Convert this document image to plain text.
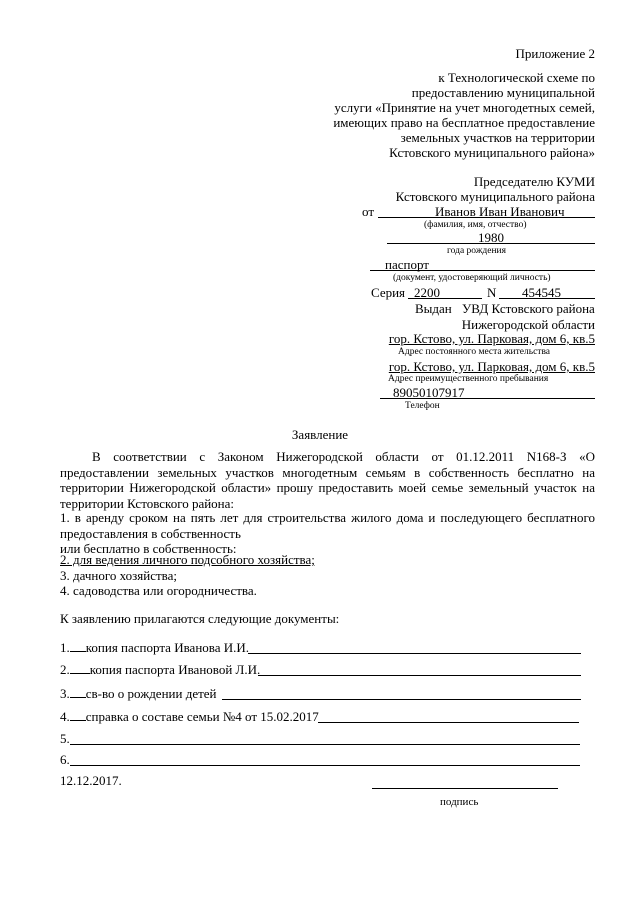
Приложение 2
к Технологической схеме по
предоставлению муниципальной
услуги «Принятие на учет многодетных семей,
имеющих право на бесплатное предоставление
земельных участков на территории
Кстовского муниципального района»
Председателю КУМИ
Кстовского муниципального района
от	Иванов Иван Иванович
(фамилия, имя, отчество)
1980
года рождения
паспорт
(документ, удостоверяющий личность)
Серия 2200	N 454545
Выдан УВД Кстовского района
Нижегородской области
гор. Кстово, ул. Парковая, дом 6, кв.5
Адрес постоянного места жительства
гор. Кстово, ул. Парковая, дом 6, кв.5
Адрес преимущественного пребывания
89050107917
Телефон
Заявление
В соответствии с Законом Нижегородской области от 01.12.2011 N168-З «О предоставлении земельных участков многодетным семьям в собственность бесплатно на территории Нижегородской области» прошу предоставить моей семье земельный участок на территории Кстовского района:
1. в аренду сроком на пять лет для строительства жилого дома и последующего бесплатного предоставления в собственность
или бесплатно в собственность:
2. для ведения личного подсобного хозяйства;
3. дачного хозяйства;
4. садоводства или огородничества.
К заявлению прилагаются следующие документы:
1. копия паспорта Иванова И.И.
2. копия паспорта Ивановой Л.И.
3. св-во о рождении детей
4. справка о составе семьи №4 от 15.02.2017
5.
6.
12.12.2017.
подпись
